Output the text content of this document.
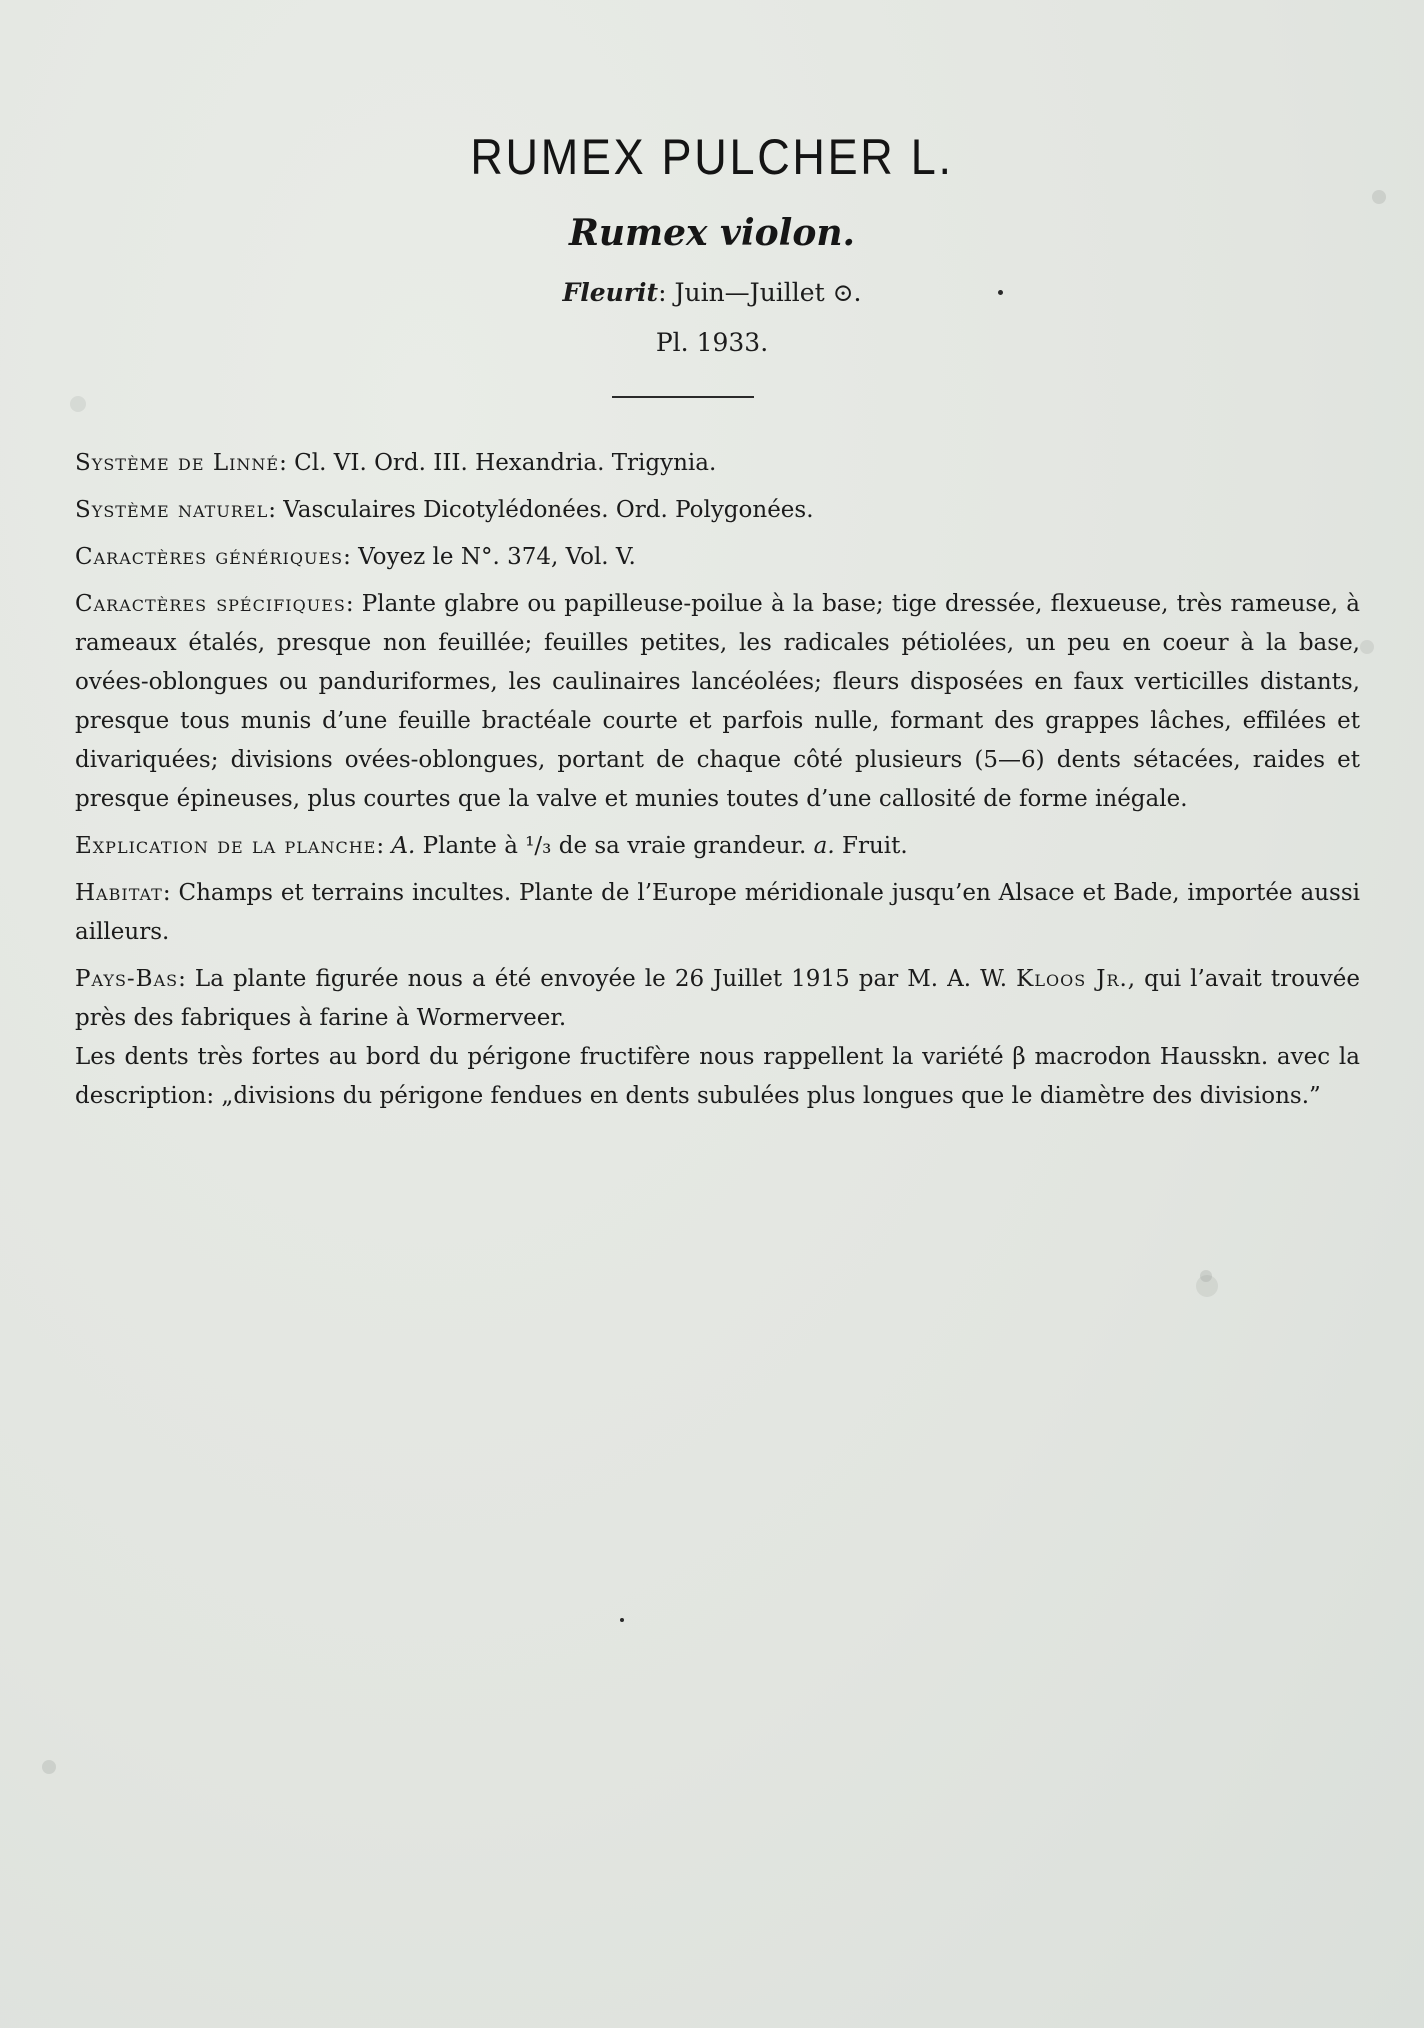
RUMEX PULCHER L.
Rumex violon.
Fleurit: Juin—Juillet ⊙.
Pl. 1933.

Système de Linné: Cl. VI. Ord. III. Hexandria. Trigynia.

Système naturel: Vasculaires Dicotylédonées. Ord. Polygonées.

Caractères génériques: Voyez le N°. 374, Vol. V.

Caractères spécifiques: Plante glabre ou papilleuse-poilue à la base; tige dressée, flexueuse, très rameuse, à rameaux étalés, presque non feuillée; feuilles petites, les radicales pétiolées, un peu en coeur à la base, ovées-oblongues ou panduriformes, les caulinaires lancéolées; fleurs disposées en faux verticilles distants, presque tous munis d’une feuille bractéale courte et parfois nulle, formant des grappes lâches, effilées et divariquées; divisions ovées-oblongues, portant de chaque côté plusieurs (5—6) dents sétacées, raides et presque épineuses, plus courtes que la valve et munies toutes d’une callosité de forme inégale.

Explication de la planche: A. Plante à ¹/₃ de sa vraie grandeur. a. Fruit.

Habitat: Champs et terrains incultes. Plante de l’Europe méridionale jusqu’en Alsace et Bade, importée aussi ailleurs.

Pays-Bas: La plante figurée nous a été envoyée le 26 Juillet 1915 par M. A. W. Kloos Jr., qui l’avait trouvée près des fabriques à farine à Wormerveer.

Les dents très fortes au bord du périgone fructifère nous rappellent la variété β macrodon Hausskn. avec la description: „divisions du périgone fendues en dents subulées plus longues que le diamètre des divisions.”
